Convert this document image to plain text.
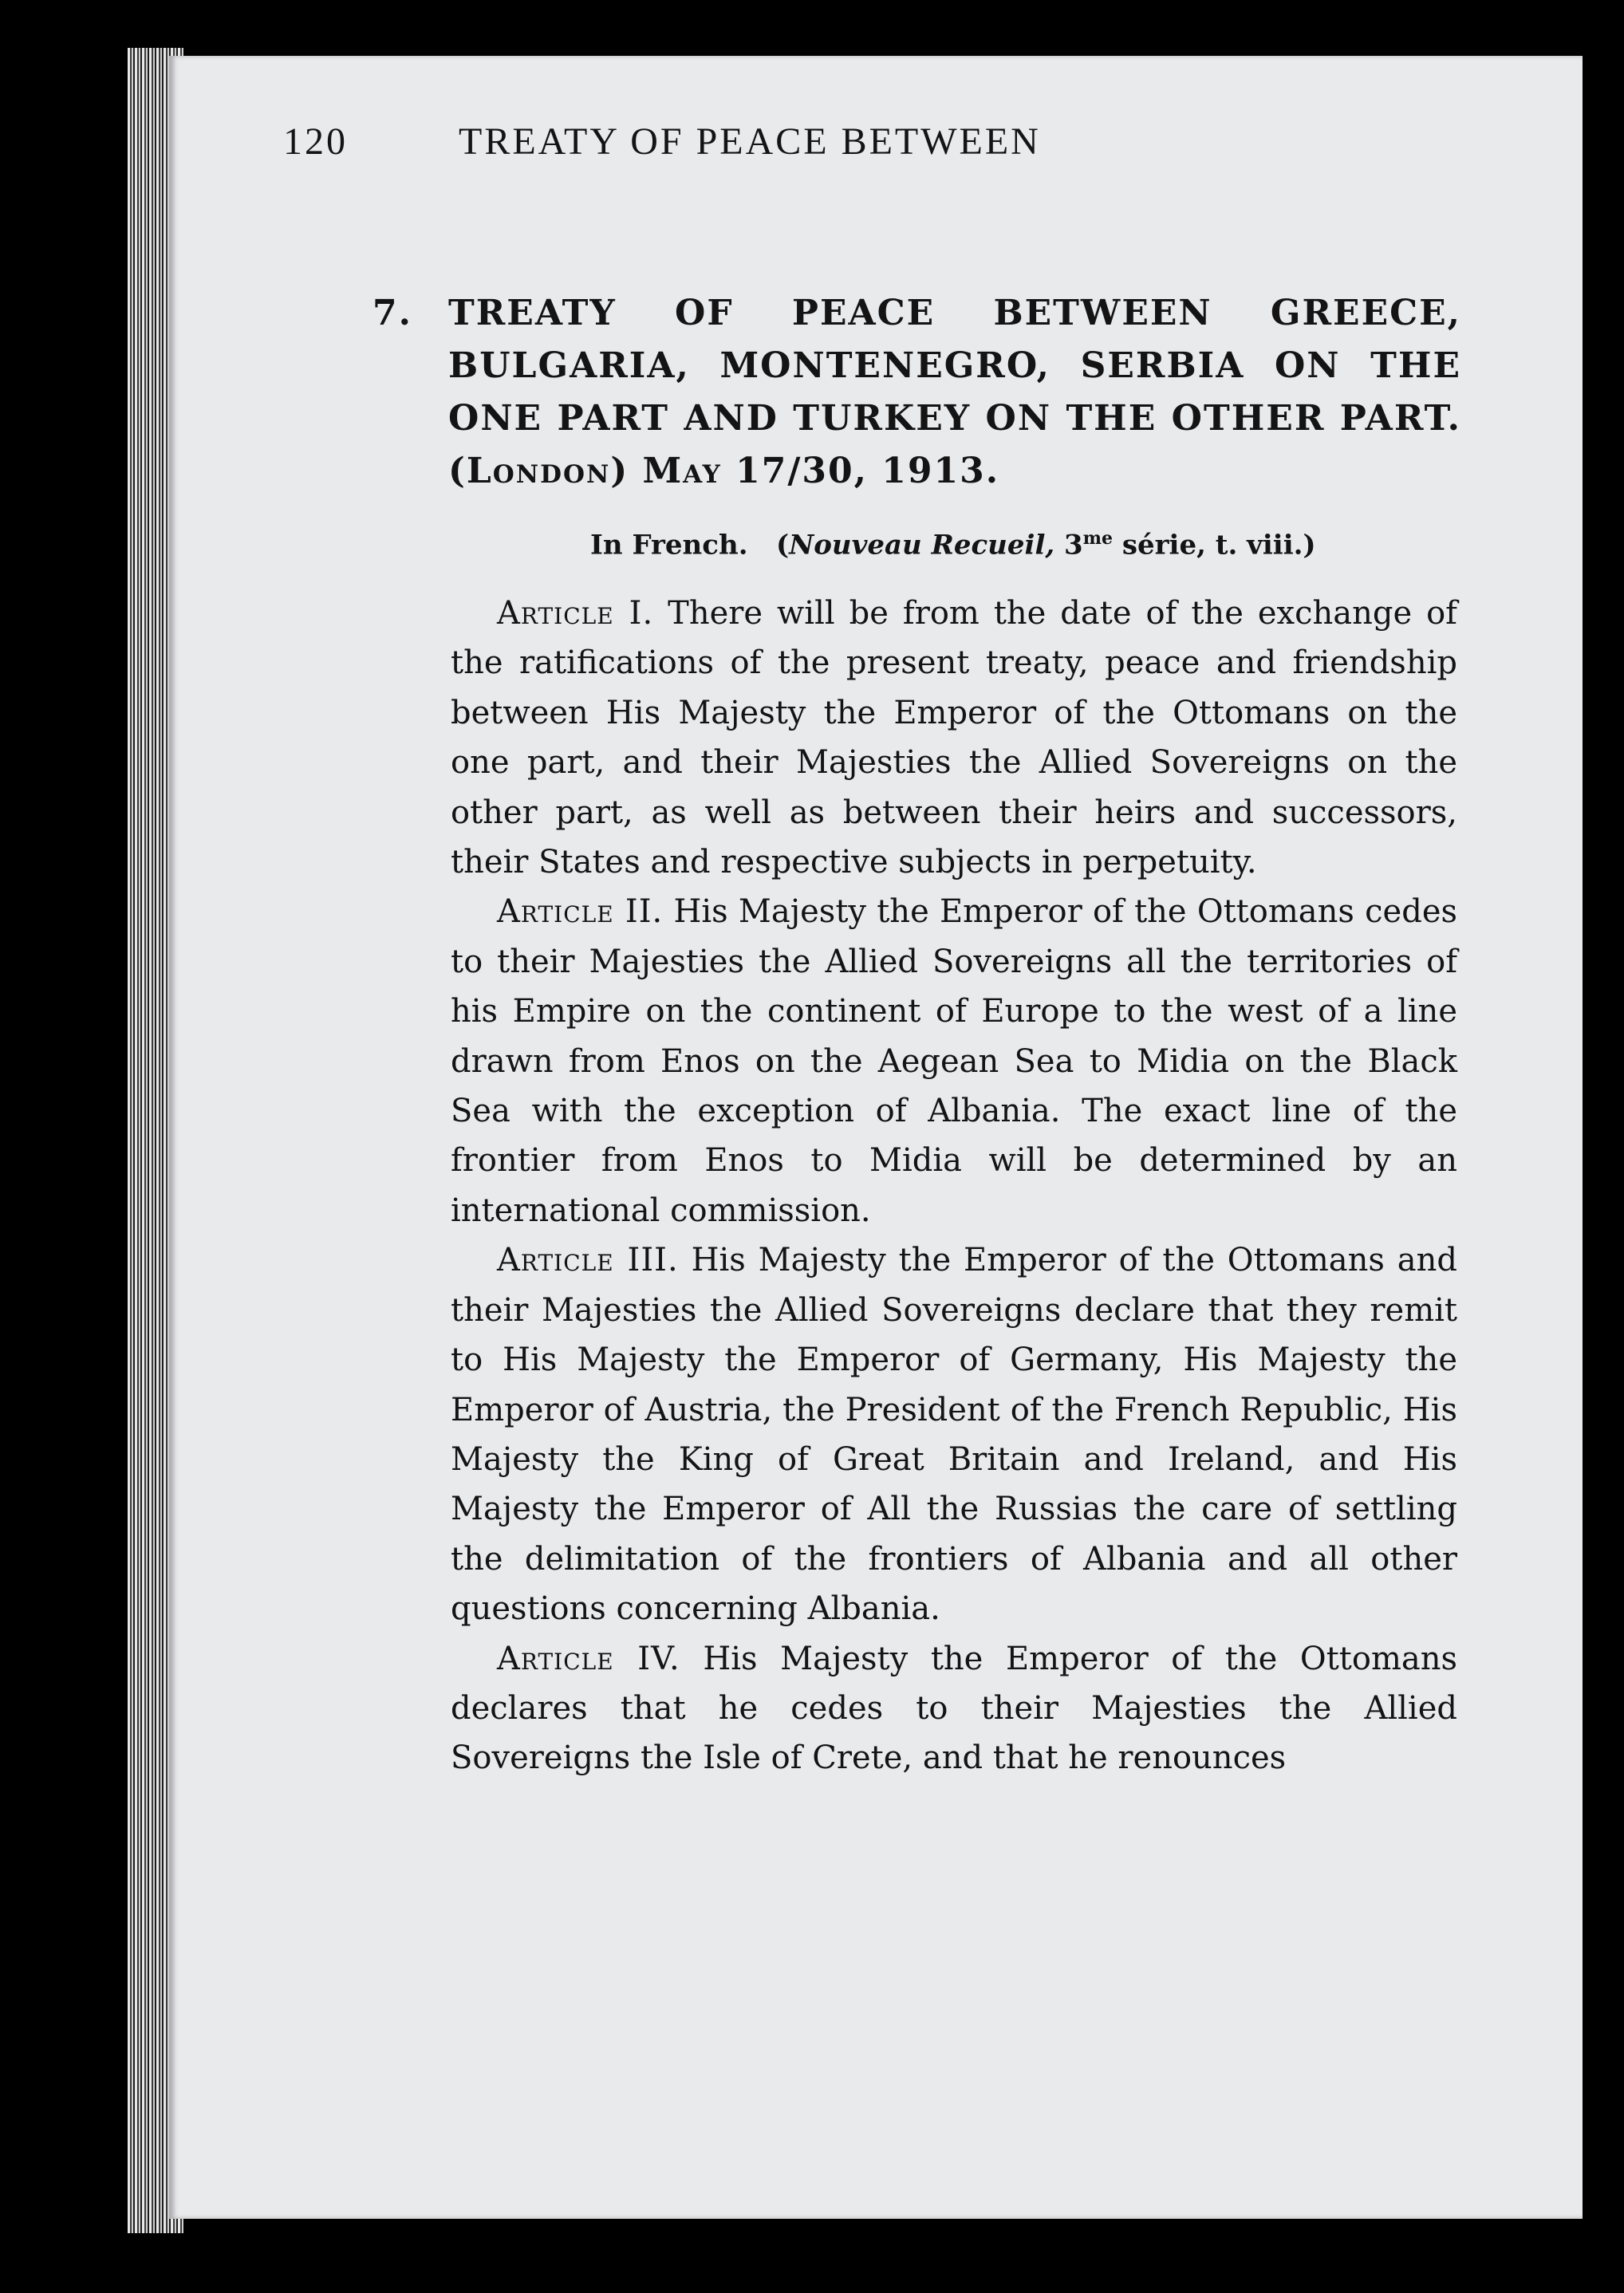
120	TREATY OF PEACE BETWEEN
7. TREATY OF PEACE BETWEEN GREECE, BULGARIA, MONTENEGRO, SERBIA ON THE ONE PART AND TURKEY ON THE OTHER PART. (London) May 17/30, 1913.
In French. (Nouveau Recueil, $3^{me}$ série, t. viii.)

Article I. There will be from the date of the exchange of the ratifications of the present treaty, peace and friendship between His Majesty the Emperor of the Ottomans on the one part, and their Majesties the Allied Sovereigns on the other part, as well as between their heirs and successors, their States and respective subjects in perpetuity.

Article II. His Majesty the Emperor of the Ottomans cedes to their Majesties the Allied Sovereigns all the territories of his Empire on the continent of Europe to the west of a line drawn from Enos on the Aegean Sea to Midia on the Black Sea with the exception of Albania. The exact line of the frontier from Enos to Midia will be determined by an international commission.

Article III. His Majesty the Emperor of the Ottomans and their Majesties the Allied Sovereigns declare that they remit to His Majesty the Emperor of Germany, His Majesty the Emperor of Austria, the President of the French Republic, His Majesty the King of Great Britain and Ireland, and His Majesty the Emperor of All the Russias the care of settling the delimitation of the frontiers of Albania and all other questions concerning Albania.

Article IV. His Majesty the Emperor of the Ottomans declares that he cedes to their Majesties the Allied Sovereigns the Isle of Crete, and that he renounces
